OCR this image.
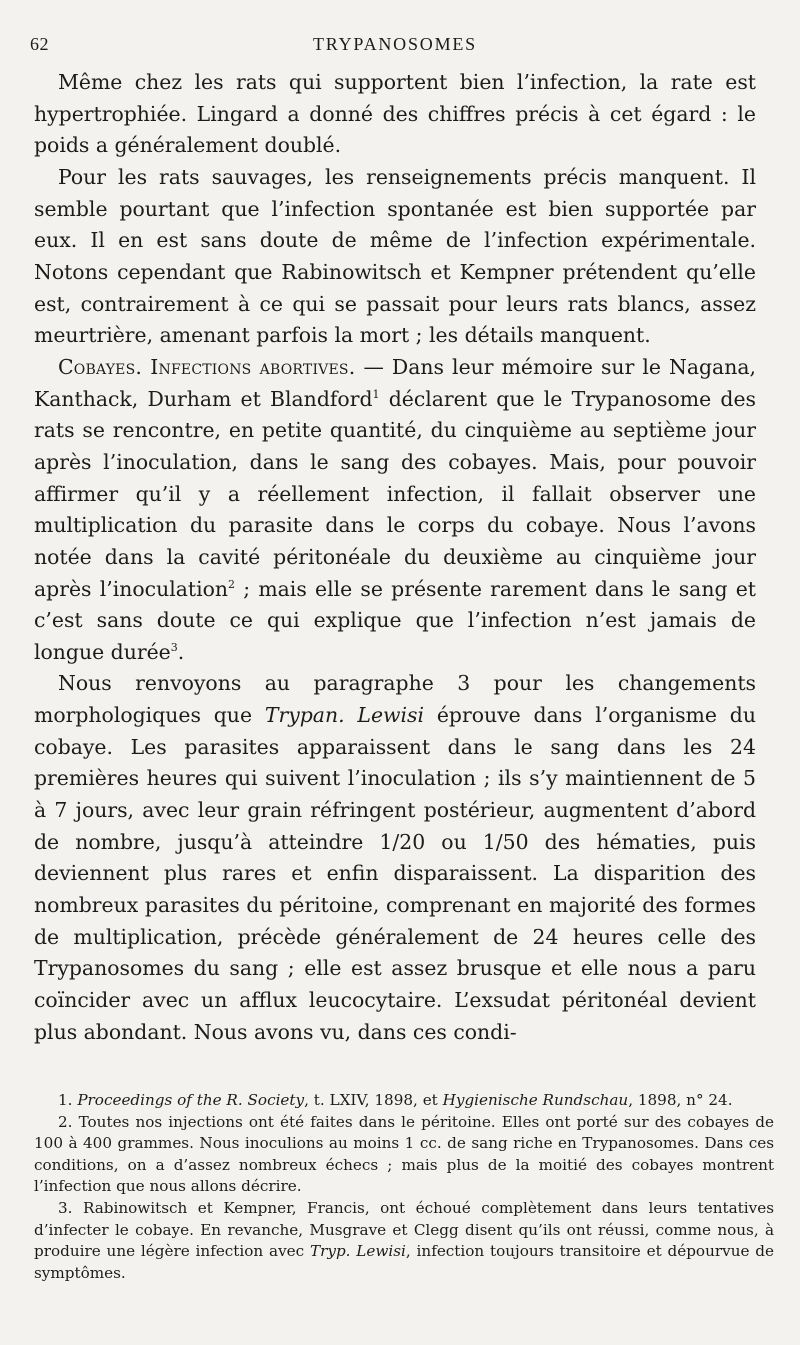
62	TRYPANOSOMES

Même chez les rats qui supportent bien l’infection, la rate est hypertrophiée. Lingard a donné des chiffres précis à cet égard : le poids a généralement doublé.

Pour les rats sauvages, les renseignements précis manquent. Il semble pourtant que l’infection spontanée est bien supportée par eux. Il en est sans doute de même de l’infection expérimentale. Notons cependant que Rabinowitsch et Kempner prétendent qu’elle est, contrairement à ce qui se passait pour leurs rats blancs, assez meurtrière, amenant parfois la mort ; les détails manquent.

Cobayes. Infections abortives. — Dans leur mémoire sur le Nagana, Kanthack, Durham et Blandford$^1$ déclarent que le Trypanosome des rats se rencontre, en petite quantité, du cinquième au septième jour après l’inoculation, dans le sang des cobayes. Mais, pour pouvoir affirmer qu’il y a réellement infection, il fallait observer une multiplication du parasite dans le corps du cobaye. Nous l’avons notée dans la cavité péritonéale du deuxième au cinquième jour après l’inoculation$^2$ ; mais elle se présente rarement dans le sang et c’est sans doute ce qui explique que l’infection n’est jamais de longue durée$^3$.

Nous renvoyons au paragraphe 3 pour les changements morphologiques que Trypan. Lewisi éprouve dans l’organisme du cobaye. Les parasites apparaissent dans le sang dans les 24 premières heures qui suivent l’inoculation ; ils s’y maintiennent de 5 à 7 jours, avec leur grain réfringent postérieur, augmentent d’abord de nombre, jusqu’à atteindre 1/20 ou 1/50 des hématies, puis deviennent plus rares et enfin disparaissent. La disparition des nombreux parasites du péritoine, comprenant en majorité des formes de multiplication, précède généralement de 24 heures celle des Trypanosomes du sang ; elle est assez brusque et elle nous a paru coïncider avec un afflux leucocytaire. L’exsudat péritonéal devient plus abondant. Nous avons vu, dans ces condi-

1. Proceedings of the R. Society, t. LXIV, 1898, et Hygienische Rundschau, 1898, n° 24.

2. Toutes nos injections ont été faites dans le péritoine. Elles ont porté sur des cobayes de 100 à 400 grammes. Nous inoculions au moins 1 cc. de sang riche en Trypanosomes. Dans ces conditions, on a d’assez nombreux échecs ; mais plus de la moitié des cobayes montrent l’infection que nous allons décrire.

3. Rabinowitsch et Kempner, Francis, ont échoué complètement dans leurs tentatives d’infecter le cobaye. En revanche, Musgrave et Clegg disent qu’ils ont réussi, comme nous, à produire une légère infection avec Tryp. Lewisi, infection toujours transitoire et dépourvue de symptômes.
